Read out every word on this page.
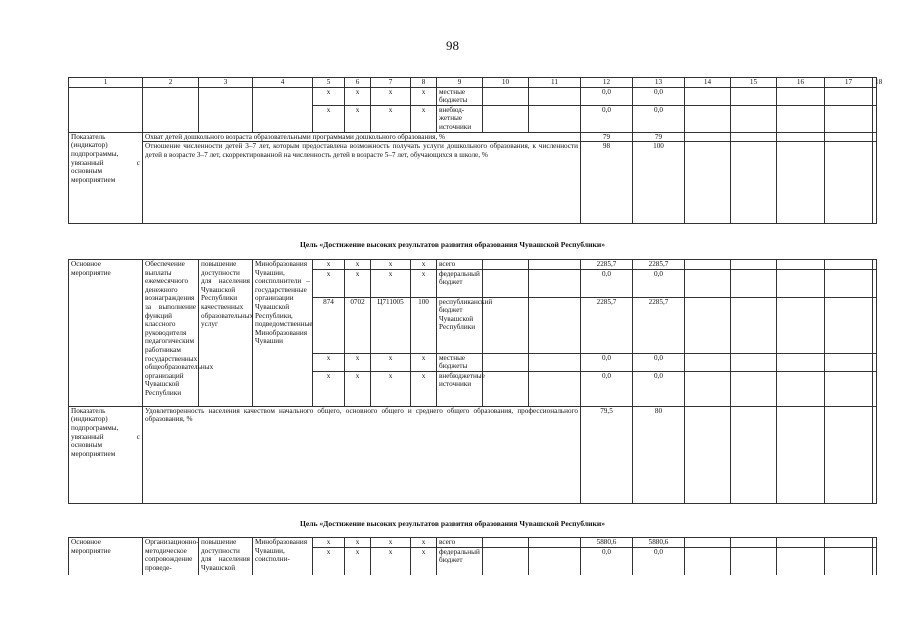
98
1	2	3	4	5	6	7	8	9	10	11	12	13	14	15	16	17	18
				x	x	x	x	местные бюджеты			0,0	0,0					
				x	x	x	x	внебюд-жетные источники			0,0	0,0					
Показатель (индикатор) подпрограммы, увязанный с основным мероприятием	Охват детей дошкольного возраста образовательными программами дошкольного образования, %										79	79					
	Отношение численности детей 3–7 лет, которым предоставлена возможность получать услуги дошкольного образования, к численности детей в возрасте 3–7 лет, скорректированной на численность детей в возрасте 5–7 лет, обучающихся в школе, %										98	100					
Цель «Достижение высоких результатов развития образования Чувашской Республики»
Основное мероприятие	Обеспечение выплаты ежемесячного денежного вознаграждения за выполнение функций классного руководителя педагогическим работникам государственных общеобразовательных организаций Чувашской Республики	повышение доступности для населения Чувашской Республики качественных образовательных услуг	Минобразования Чувашии, соисполнители – государственные организации Чувашской Республики, подведомственные Минобразования Чувашии	x	x	x	x	всего			2285,7	2285,7					
				x	x	x	x	федеральный бюджет			0,0	0,0					
				874	0702	Ц711005	100	республиканский бюджет Чувашской Республики			2285,7	2285,7					
				x	x	x	x	местные бюджеты			0,0	0,0					
				x	x	x	x	внебюджетные источники			0,0	0,0					
Показатель (индикатор) подпрограммы, увязанный с основным мероприятием	Удовлетворенность населения качеством начального общего, основного общего и среднего общего образования, профессионального образования, %										79,5	80					
Цель «Достижение высоких результатов развития образования Чувашской Республики»
Основное мероприятие	Организационно-методическое сопровождение проведе-	повышение доступности для населения Чувашской	Минобразования Чувашии, соисполни-	x	x	x	x	всего			5880,6	5880,6					
				x	x	x	x	федеральный бюджет			0,0	0,0					
